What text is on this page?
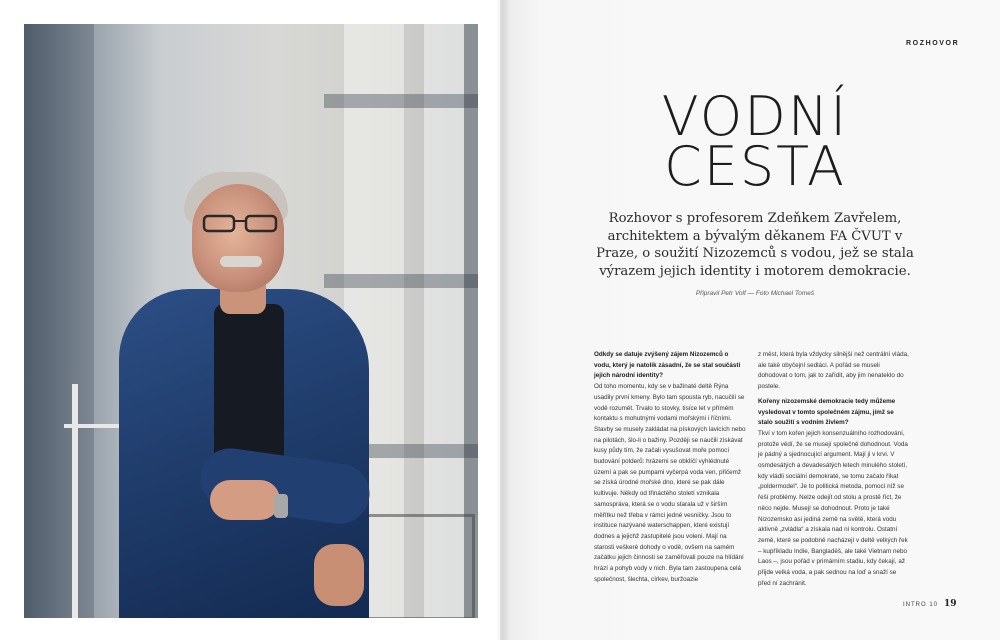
ROZHOVOR
VODNÍ
CESTA
Rozhovor s profesorem Zdeňkem Zavřelem, architektem a bývalým děkanem FA ČVUT v Praze, o soužití Nizozemců s vodou, jež se stala výrazem jejich identity i motorem demokracie.
Připravil Petr Volf — Foto Michael Tomeš

Odkdy se datuje zvýšený zájem Nizozemců o vodu, který je natolik zásadní, že se stal součástí jejich národní identity?

Od toho momentu, kdy se v bažinaté deltě Rýna usadily první kmeny. Bylo tam spousta ryb, nacučili se vodě rozumět. Trvalo to stovky, tisíce let v přímém kontaktu s mohutnými vodami mořskými i říčními. Stavby se musely zakládat na pískových lavicích nebo na pilotách, šlo-li o bažiny. Později se naučili získávat kusy půdy tím, že začali vysušovat moře pomocí budování polderů: hrázemi se obklíčí vyhlédnuté území a pak se pumpami vyčerpá voda ven, přičemž se získá úrodné mořské dno, které se pak dále kultivuje. Někdy od třináctého století vznikala samospráva, která se o vodu starala už v širším měřítku než třeba v rámci jedné vesničky. Jsou to instituce nazývané waterschappen, které existují dodnes a jejichž zastupitelé jsou voleni. Mají na starosti veškeré dohody o vodě, ovšem na samém začátku jejich činnosti se zaměřovali pouze na hlídání hrází a pohyb vody v nich. Byla tam zastoupena celá společnost, šlechta, církev, buržoazie

z měst, která byla vždycky silnější než centrální vláda, ale také obyčejní sedláci. A pořád se museli dohodovat o tom, jak to zařídit, aby jim nenateklo do postele.

Kořeny nizozemské demokracie tedy můžeme vysledovat v tomto společném zájmu, jímž se stalo soužití s vodním živlem?

Tkví v tom kořen jejich konsenzuálního rozhodování, protože vědí, že se musejí společně dohodnout. Voda je pádný a sjednocující argument. Mají ji v krvi. V osmdesátých a devadesátých letech minulého století, kdy vládli sociální demokraté, se tomu začalo říkat „poldermodel“. Je to politická metoda, pomocí níž se řeší problémy. Nelze odejít od stolu a prostě říct, že něco nejde. Musejí se dohodnout. Proto je také Nizozemsko asi jediná země na světě, která vodu aktivně „zvládla“ a získala nad ní kontrolu. Ostatní země, které se podobně nacházejí v deltě velkých řek – kupříkladu Indie, Bangladéš, ale také Vietnam nebo Laos –, jsou pořád v primárním stadiu, kdy čekají, až přijde velká voda, a pak sednou na loď a snaží se před ní zachránit.

INTRO 10 19
